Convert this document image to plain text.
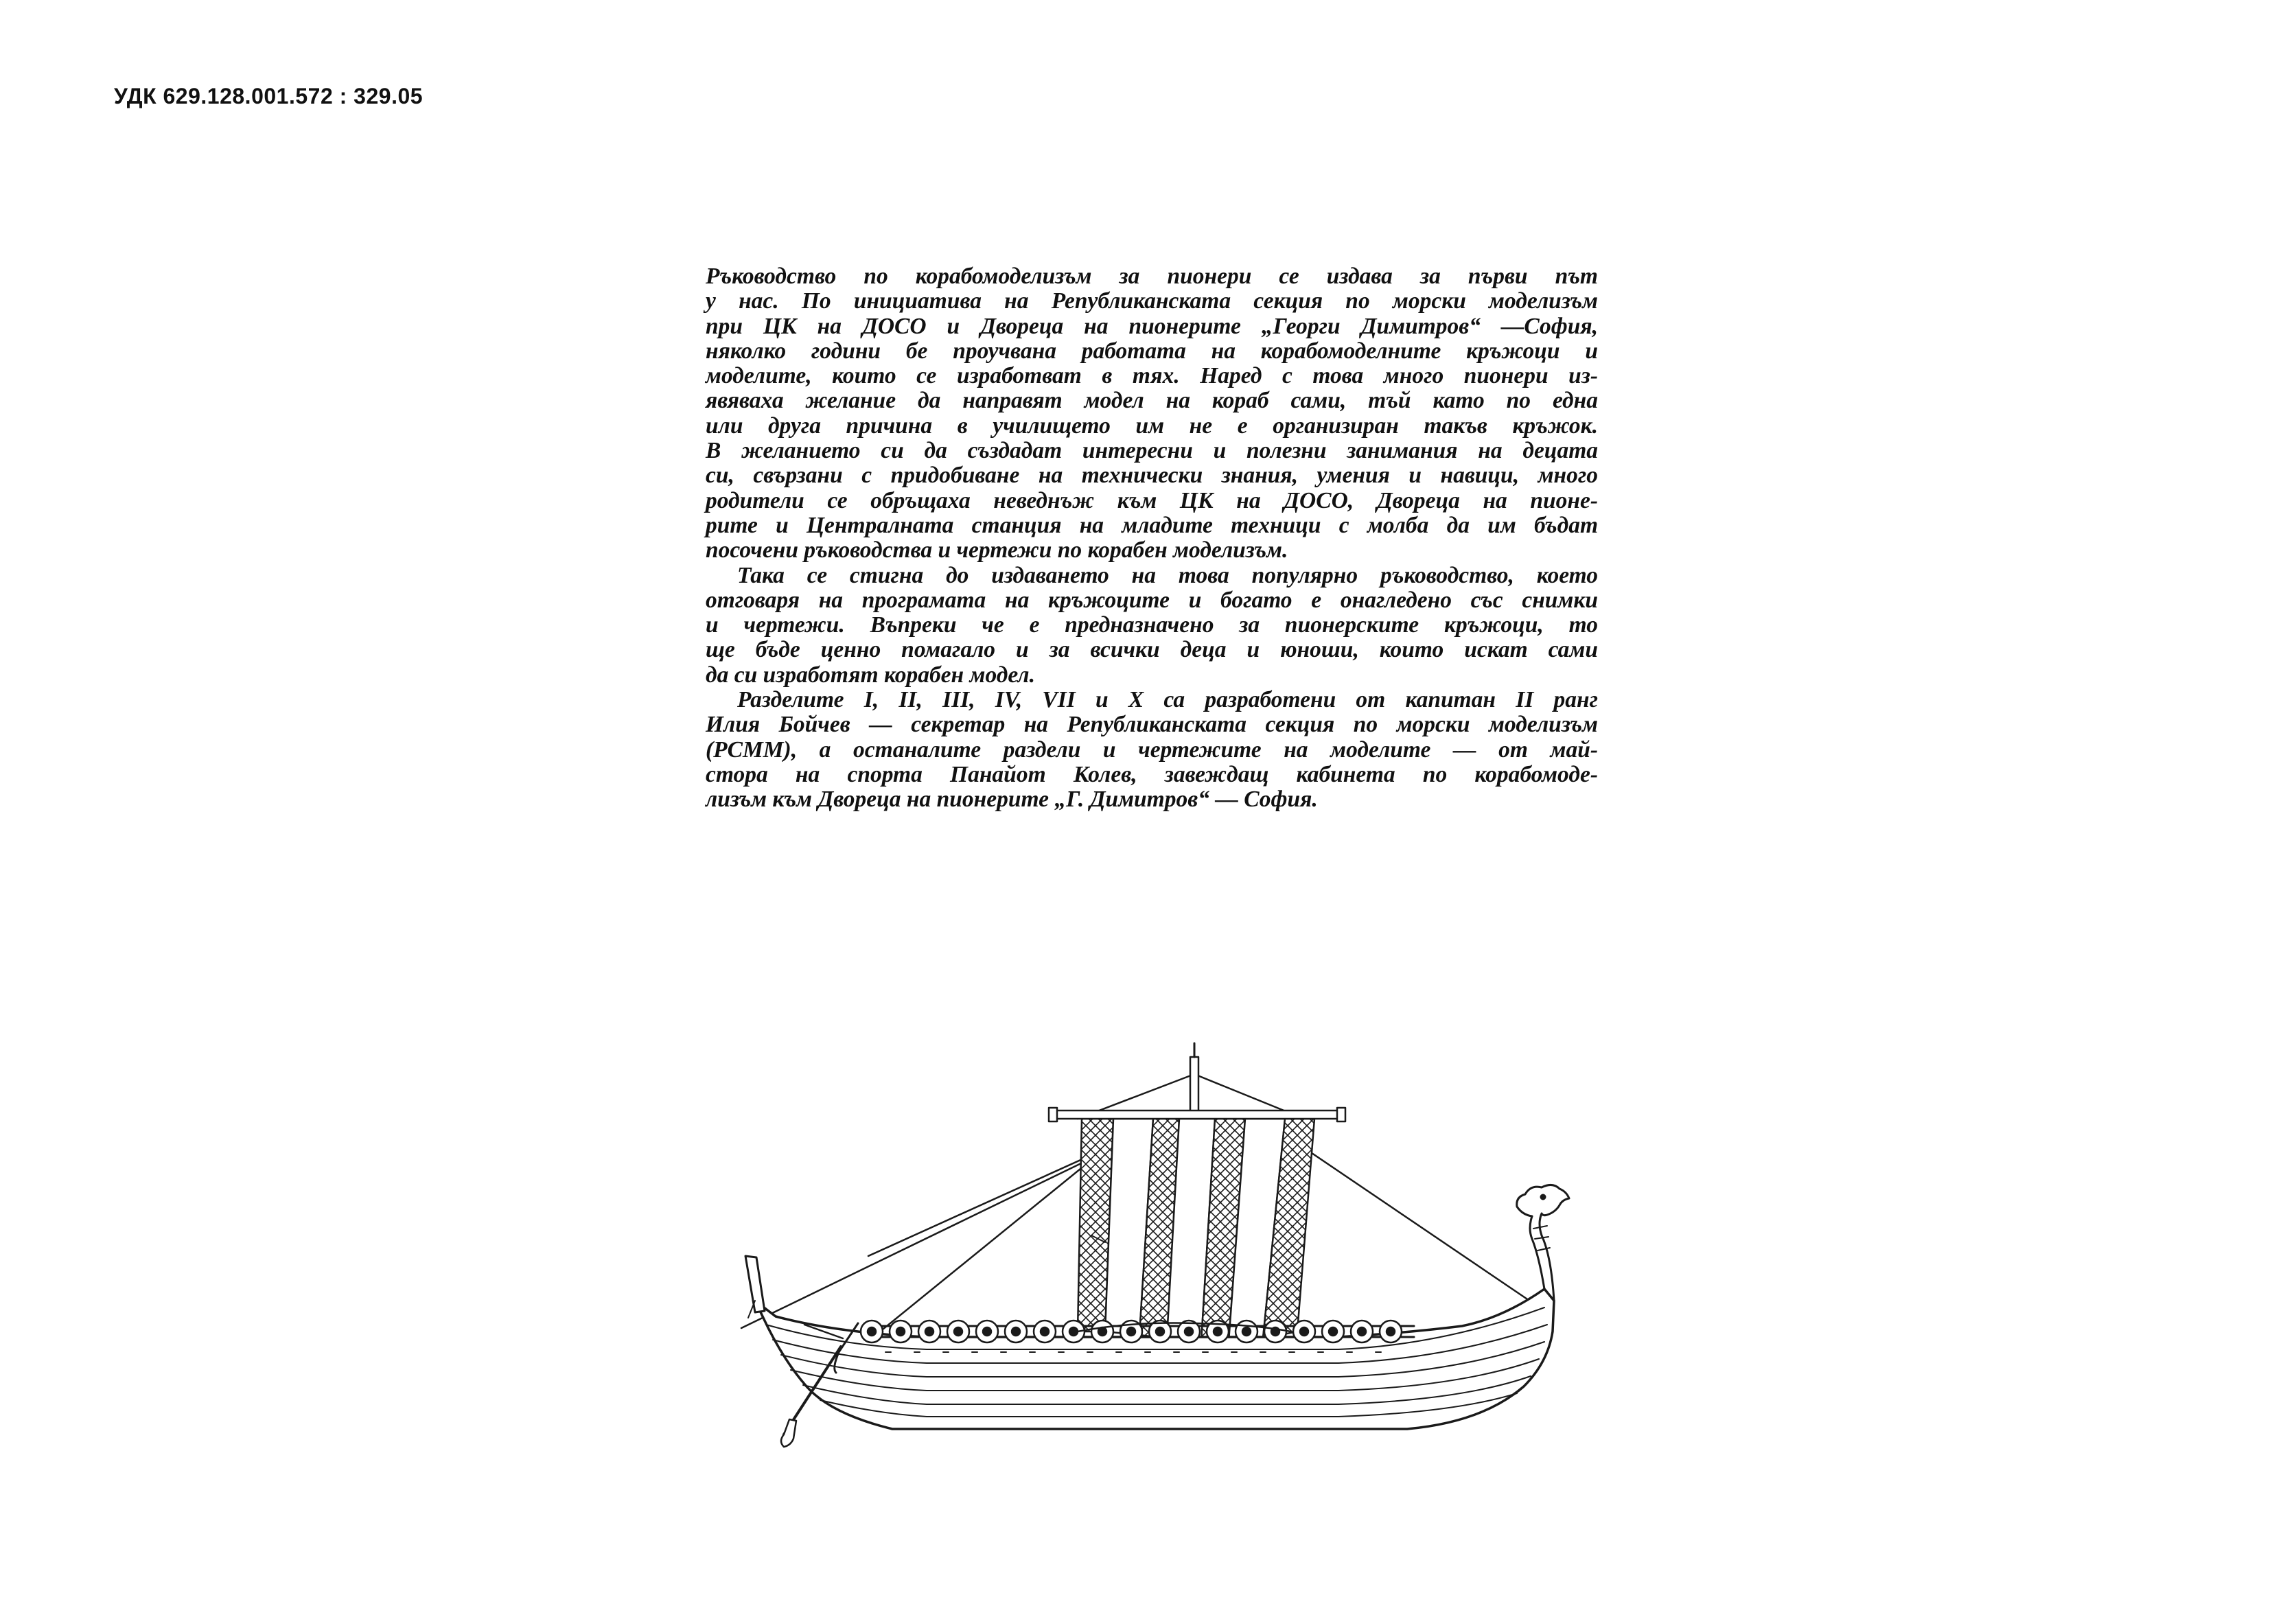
УДК 629.128.001.572 : 329.05
Ръководство по корабомоделизъм за пионери се издава за първи път
у нас. По инициатива на Републиканската секция по морски моделизъм
при ЦК на ДОСО и Двореца на пионерите „Георги Димитров“ —София,
няколко години бе проучвана работата на корабомоделните кръжоци и
моделите, които се изработват в тях. Наред с това много пионери из-
явяваха желание да направят модел на кораб сами, тъй като по една
или друга причина в училището им не е организиран такъв кръжок.
В желанието си да създадат интересни и полезни занимания на децата
си, свързани с придобиване на технически знания, умения и навици, много
родители се обръщаха неведнъж към ЦК на ДОСО, Двореца на пионе-
рите и Централната станция на младите техници с молба да им бъдат
посочени ръководства и чертежи по корабен моделизъм.
Така се стигна до издаването на това популярно ръководство, което
отговаря на програмата на кръжоците и богато е онагледено със снимки
и чертежи. Въпреки че е предназначено за пионерските кръжоци, то
ще бъде ценно помагало и за всички деца и юноши, които искат сами
да си изработят корабен модел.
Разделите I, II, III, IV, VII и X са разработени от капитан II ранг
Илия Бойчев — секретар на Републиканската секция по морски моделизъм
(РСММ), а останалите раздели и чертежите на моделите — от май-
стора на спорта Панайот Колев, завеждащ кабинета по корабомоде-
лизъм към Двореца на пионерите „Г. Димитров“ — София.
